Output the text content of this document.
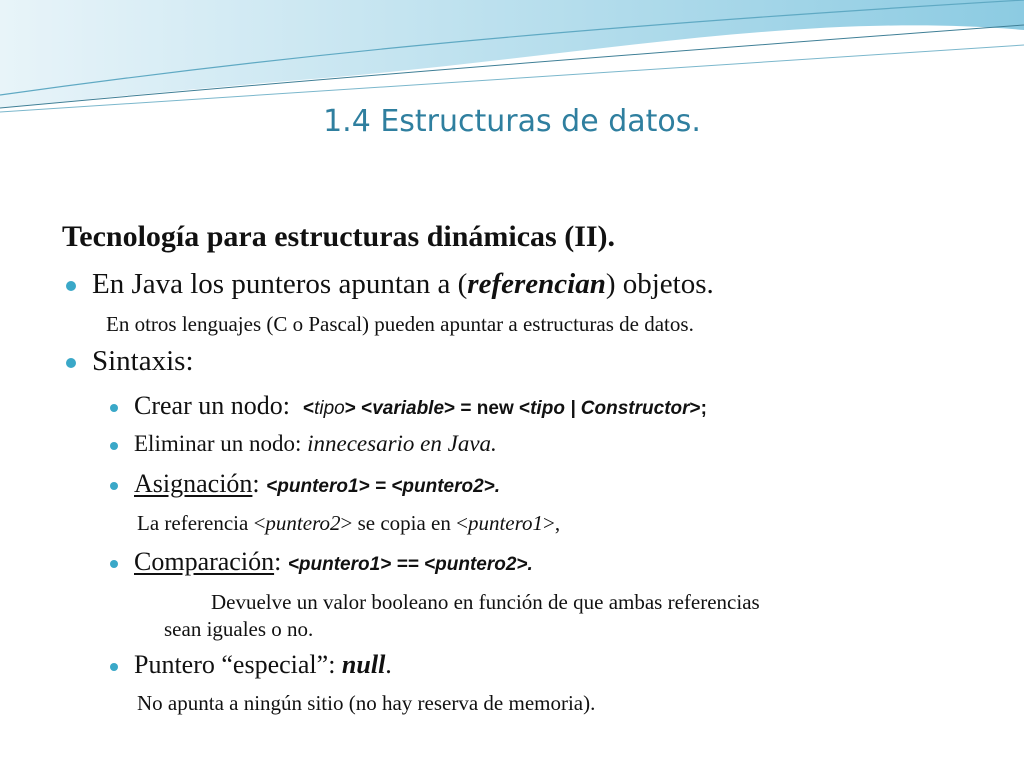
1.4 Estructuras de datos.
Tecnología para estructuras dinámicas (II).
En Java los punteros apuntan a (referencian) objetos.
En otros lenguajes (C o Pascal) pueden apuntar a estructuras de datos.
Sintaxis:
Crear un nodo:  <tipo> <variable> = new <tipo | Constructor>;
Eliminar un nodo: innecesario en Java.
Asignación: <puntero1> = <puntero2>.
La referencia <puntero2> se copia en <puntero1>,
Comparación: <puntero1> == <puntero2>.
Devuelve un valor booleano en función de que ambas referencias
sean iguales o no.
Puntero “especial”: null.
No apunta a ningún sitio (no hay reserva de memoria).
